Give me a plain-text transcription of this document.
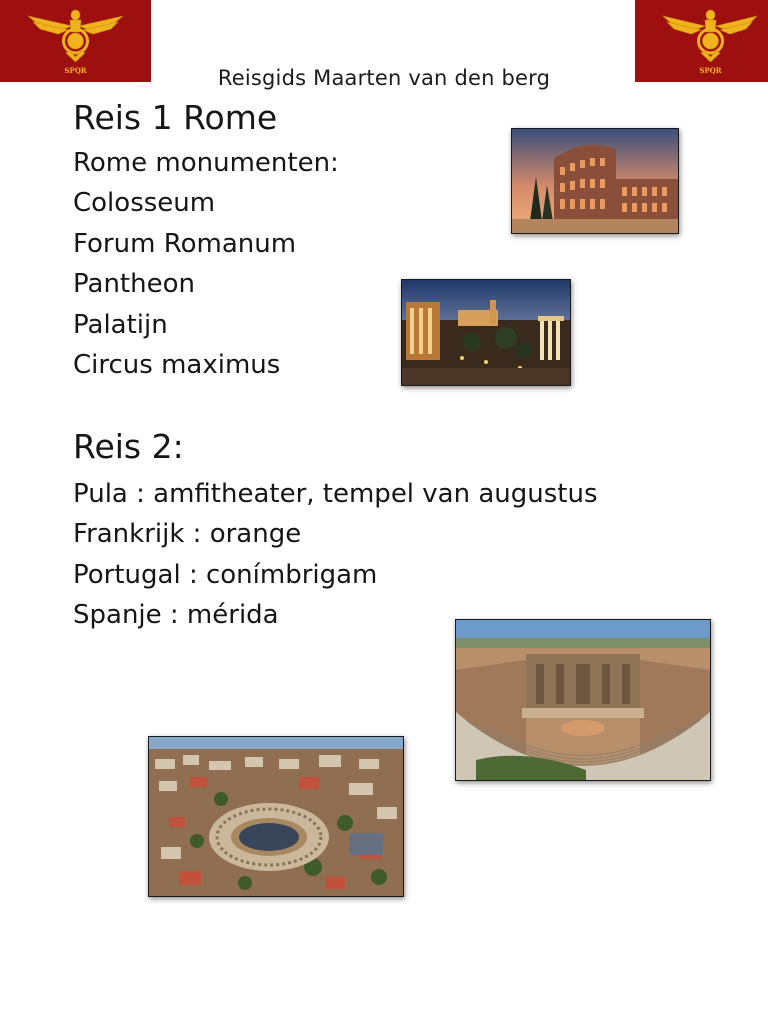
SPQR	SPQR
Reisgids Maarten van den berg
Reis 1 Rome
Rome monumenten:
Colosseum
Forum Romanum
Pantheon
Palatijn
Circus maximus
Reis 2:
Pula : amfitheater, tempel van augustus
Frankrijk : orange
Portugal : conímbrigam
Spanje : mérida
